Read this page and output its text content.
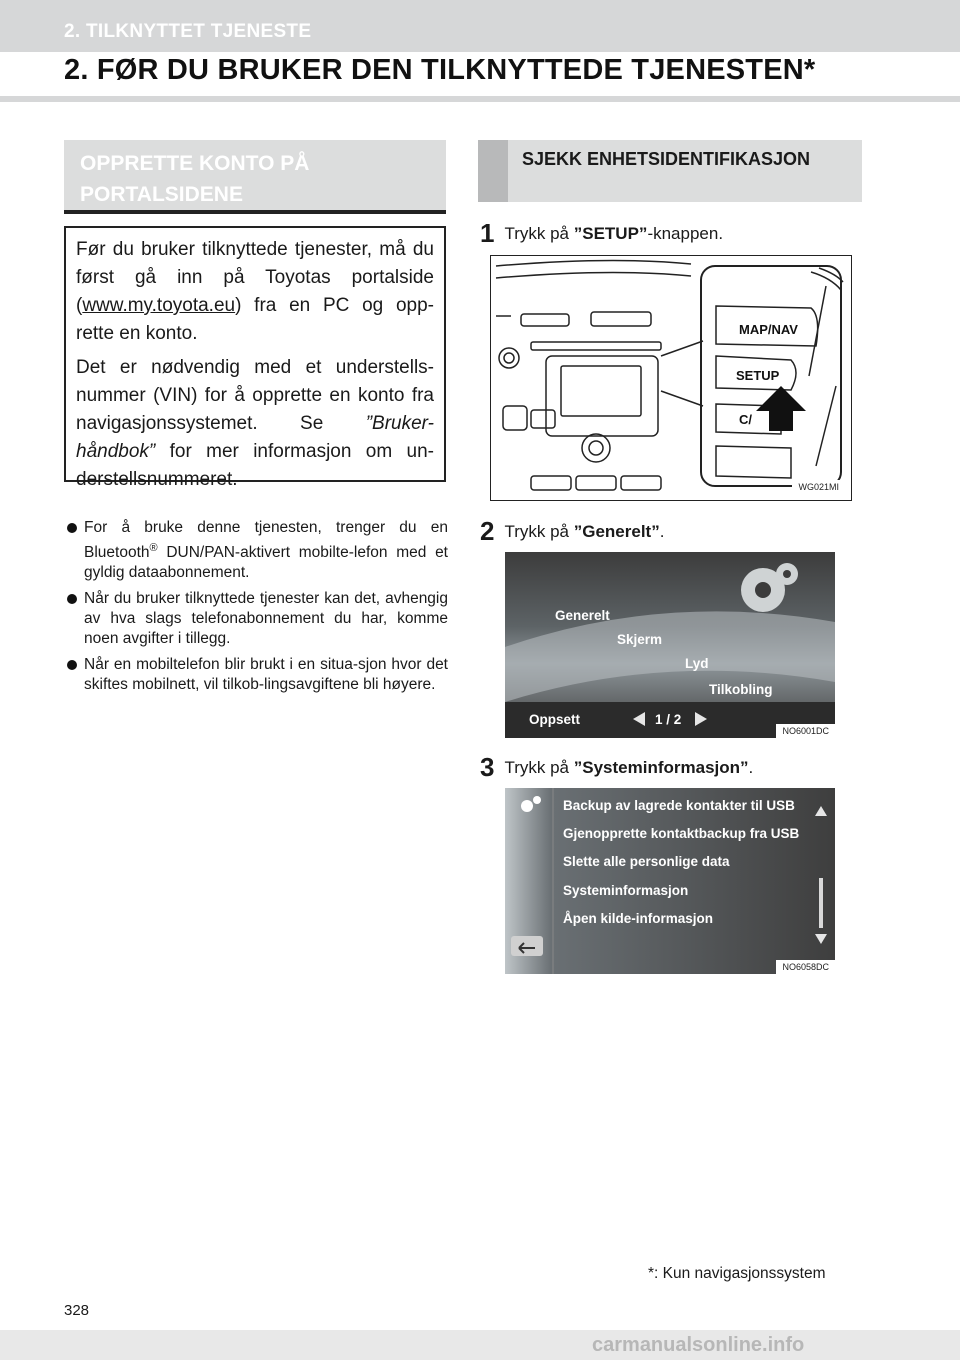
2. TILKNYTTET TJENESTE
2. FØR DU BRUKER DEN TILKNYTTEDE TJENESTEN*
OPPRETTE KONTO PÅ PORTALSIDENE

Før du bruker tilknyttede tjenester, må du først gå inn på Toyotas portalside (www.my.toyota.eu) fra en PC og opp-rette en konto.

Det er nødvendig med et understells-nummer (VIN) for å opprette en konto fra navigasjonssystemet. Se ”Bruker-håndbok” for mer informasjon om un-derstellsnummeret.

For å bruke denne tjenesten, trenger du en Bluetooth® DUN/PAN-aktivert mobilte-lefon med et gyldig dataabonnement.
Når du bruker tilknyttede tjenester kan det, avhengig av hva slags telefonabonnement du har, komme noen avgifter i tillegg.
Når en mobiltelefon blir brukt i en situa-sjon hvor det skiftes mobilnett, vil tilkob-lingsavgiftene bli høyere.
SJEKK ENHETSIDENTIFIKASJON
1 Trykk på ”SETUP”-knappen.
MAP/NAV
SETUP
C/
WG021MI
2 Trykk på ”Generelt”.
Generelt
Skjerm
Lyd
Tilkobling
Oppsett	1 / 2
NO6001DC
3 Trykk på ”Systeminformasjon”.
Backup av lagrede kontakter til USB
Gjenopprette kontaktbackup fra USB
Slette alle personlige data
Systeminformasjon
Åpen kilde-informasjon
NO6058DC
*: Kun navigasjonssystem
328
carmanualsonline.info
